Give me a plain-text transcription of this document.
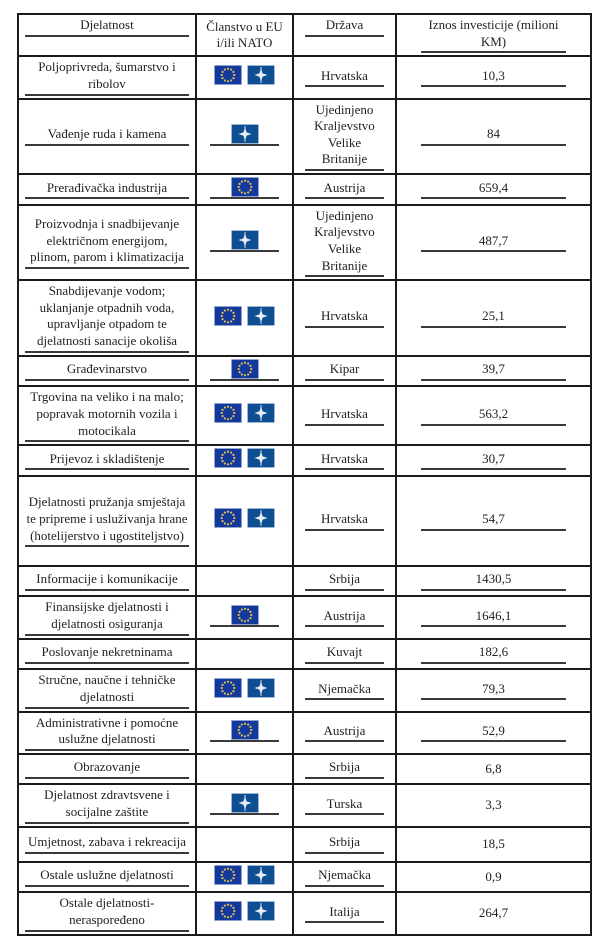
Djelatnost	Članstvo u EU i/ili NATO	Država	Iznos investicije (milioni KM)
Poljoprivreda, šumarstvo i ribolov		Hrvatska	10,3
Vađenje ruda i kamena		Ujedinjeno Kraljevstvo Velike Britanije	84
Prerađivačka industrija		Austrija	659,4
Proizvodnja i snadbijevanje električnom energijom, plinom, parom i klimatizacija		Ujedinjeno Kraljevstvo Velike Britanije	487,7
Snabdijevanje vodom; uklanjanje otpadnih voda, upravljanje otpadom te djelatnosti sanacije okoliša		Hrvatska	25,1
Građevinarstvo		Kipar	39,7
Trgovina na veliko i na malo; popravak motornih vozila i motocikala		Hrvatska	563,2
Prijevoz i skladištenje		Hrvatska	30,7
Djelatnosti pružanja smještaja te pripreme i usluživanja hrane (hotelijerstvo i ugostiteljstvo)		Hrvatska	54,7
Informacije i komunikacije		Srbija	1430,5
Finansijske djelatnosti i djelatnosti osiguranja		Austrija	1646,1
Poslovanje nekretninama		Kuvajt	182,6
Stručne, naučne i tehničke djelatnosti		Njemačka	79,3
Administrativne i pomoćne uslužne djelatnosti		Austrija	52,9
Obrazovanje		Srbija	6,8
Djelatnost zdravtsvene i socijalne zaštite		Turska	3,3
Umjetnost, zabava i rekreacija		Srbija	18,5
Ostale uslužne djelatnosti		Njemačka	0,9
Ostale djelatnosti-neraspoređeno		Italija	264,7
